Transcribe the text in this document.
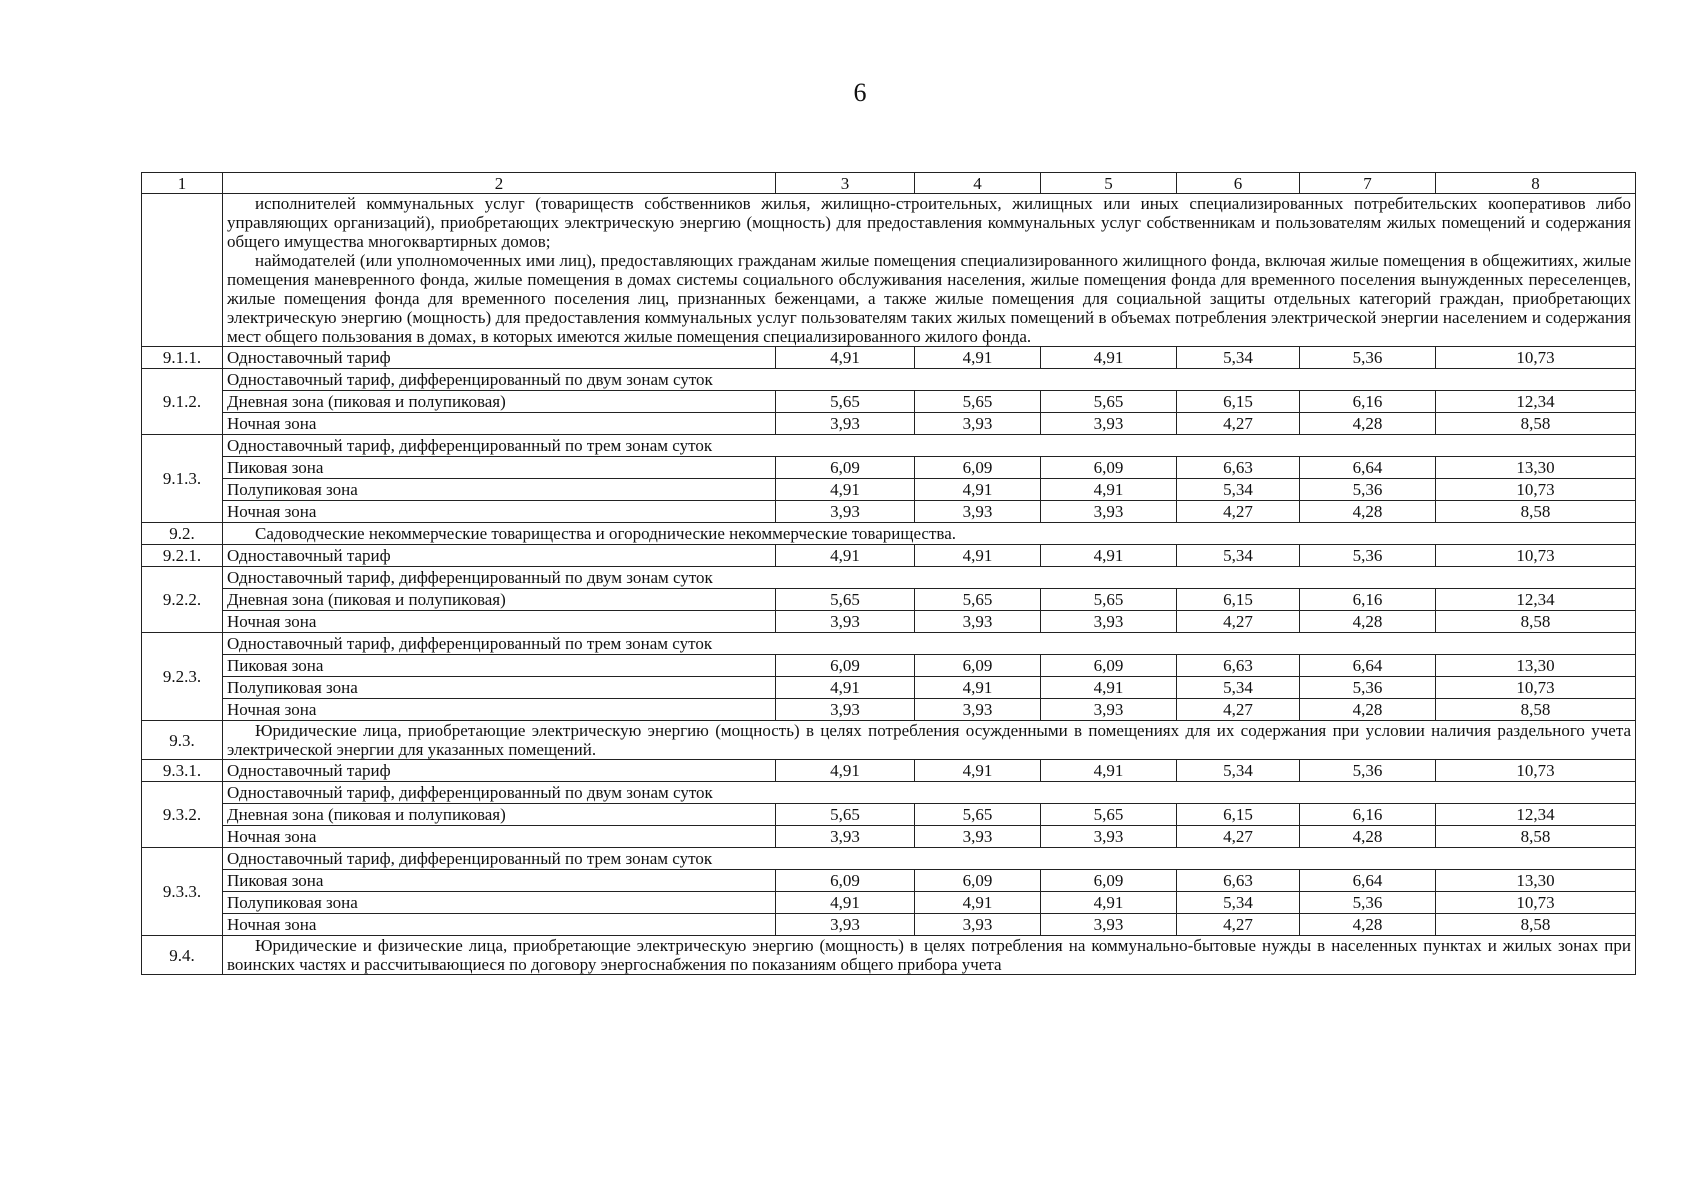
6
1	2	3	4	5	6	7	8

	исполнителей коммунальных услуг (товариществ собственников жилья, жилищно-строительных, жилищных или иных специализированных потребительских кооперативов либо управляющих организаций), приобретающих электрическую энергию (мощность) для предоставления коммунальных услуг собственникам и пользователям жилых помещений и содержания общего имущества многоквартирных домов;

наймодателей (или уполномоченных ими лиц), предоставляющих гражданам жилые помещения специализированного жилищного фонда, включая жилые помещения в общежитиях, жилые помещения маневренного фонда, жилые помещения в домах системы социального обслуживания населения, жилые помещения фонда для временного поселения вынужденных переселенцев, жилые помещения фонда для временного поселения лиц, признанных беженцами, а также жилые помещения для социальной защиты отдельных категорий граждан, приобретающих электрическую энергию (мощность) для предоставления коммунальных услуг пользователям таких жилых помещений в объемах потребления электрической энергии населением и содержания мест общего пользования в домах, в которых имеются жилые помещения специализированного жилого фонда.						

9.1.1.	Одноставочный тариф	4,91	4,91	4,91	5,34	5,36	10,73
9.1.2.	Одноставочный тариф, дифференцированный по двум зонам суток						
	Дневная зона (пиковая и полупиковая)	5,65	5,65	5,65	6,15	6,16	12,34
	Ночная зона	3,93	3,93	3,93	4,27	4,28	8,58
9.1.3.	Одноставочный тариф, дифференцированный по трем зонам суток						
	Пиковая зона	6,09	6,09	6,09	6,63	6,64	13,30
	Полупиковая зона	4,91	4,91	4,91	5,34	5,36	10,73
	Ночная зона	3,93	3,93	3,93	4,27	4,28	8,58
9.2.	Садоводческие некоммерческие товарищества и огороднические некоммерческие товарищества.						
9.2.1.	Одноставочный тариф	4,91	4,91	4,91	5,34	5,36	10,73
9.2.2.	Одноставочный тариф, дифференцированный по двум зонам суток						
	Дневная зона (пиковая и полупиковая)	5,65	5,65	5,65	6,15	6,16	12,34
	Ночная зона	3,93	3,93	3,93	4,27	4,28	8,58
9.2.3.	Одноставочный тариф, дифференцированный по трем зонам суток						
	Пиковая зона	6,09	6,09	6,09	6,63	6,64	13,30
	Полупиковая зона	4,91	4,91	4,91	5,34	5,36	10,73
	Ночная зона	3,93	3,93	3,93	4,27	4,28	8,58
9.3.	Юридические лица, приобретающие электрическую энергию (мощность) в целях потребления осужденными в помещениях для их содержания при условии наличия раздельного учета электрической энергии для указанных помещений.						

9.3.1.	Одноставочный тариф	4,91	4,91	4,91	5,34	5,36	10,73
9.3.2.	Одноставочный тариф, дифференцированный по двум зонам суток						
	Дневная зона (пиковая и полупиковая)	5,65	5,65	5,65	6,15	6,16	12,34
	Ночная зона	3,93	3,93	3,93	4,27	4,28	8,58
9.3.3.	Одноставочный тариф, дифференцированный по трем зонам суток						
	Пиковая зона	6,09	6,09	6,09	6,63	6,64	13,30
	Полупиковая зона	4,91	4,91	4,91	5,34	5,36	10,73
	Ночная зона	3,93	3,93	3,93	4,27	4,28	8,58
9.4.	Юридические и физические лица, приобретающие электрическую энергию (мощность) в целях потребления на коммунально-бытовые нужды в населенных пунктах и жилых зонах при воинских частях и рассчитывающиеся по договору энергоснабжения по показаниям общего прибора учета						
